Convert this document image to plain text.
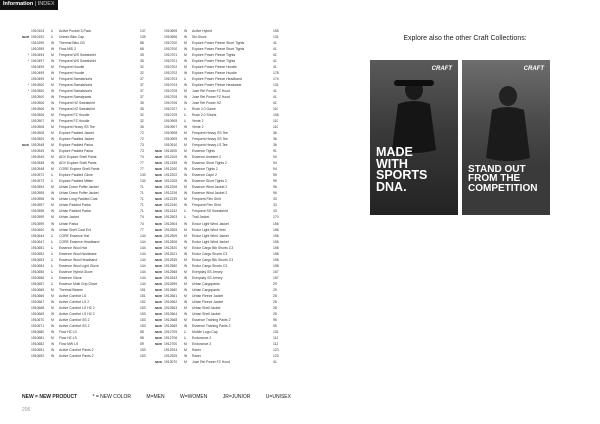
Information | INDEX
1910103 U Active Pocket 3-Pack	137
NEW * 1910192 U Unisex Bike Cap	139
1910299 W Thermal Bibs CB	88
1910395 W Flow MID 2	68
* 1910494 M Frequent WS Sweatshirt	35
* 1910497 W Frequent WS Sweatshirt	35
1910499 M Frequent Hoodie	32
1910499 W Frequent Hoodie	32
1910499 M Frequent Sweatshorts	37
* 1910500 M Frequent Sweatshorts	37
* 1910500 W Frequent Sweatshorts	37
1910500 W Frequent Sweatpants	37
1910506 W Frequent HZ Sweatshirt	35
1910506 W Frequent HZ Sweatshirt	35
1910506 M Frequent FZ Hoodie	32
1910507 W Frequent FZ Hoodie	32
1910508 M Frequent Heavy SS Tee	36
1910508 M Explore Padded Jacket	72
1910509 W Explore Padded Jacket	72
NEW 1910548 M Explore Padded Parka	73
1910549 W Explore Padded Parka	73
1910549 M ADV Explore Shell Pants	74
1910548 W ADV Explore Shell Pants	77
1910548 M CORE Explore Shell Pants	77
1910572 U Explore Padded Glove	130
1910573 U Explore Padded Mitten	130
1910594 M Urban Down Puffer Jacket	71
1910595 W Urban Down Puffer Jacket	71
1910596 W Urban Long Padded Coat	71
1910597 M Urban Padded Parka	71
1910598 W Urban Padded Parka	71
1910599 M Urban Jacket	74
1910599 W Urban Parka	74
1910600 W Urban Shell Coat Ext	77
1910644 U CORE Essence Hat	144
1910647 U CORE Essence Headband	144
1910651 U Essence Wool Hat	144
1910652 U Essence Wool Neckbase	144
1910653 U Essence Wool Headband	144
1910654 U Essence Wool Light Glove	144
1910655 U Essence Hybrid Glove	144
1910656 U Essence Glove	144
1910657 U Essence Multi Grip Glove	144
1910665 M Thermal Beanie	151
1910666 M Active Comfort LS	151
1910667 W Active Comfort LS 2	152
1910668 M Active Comfort LS HZ 2	153
1910669 W Active Comfort LS HZ 2	153
1910670 M Active Comfort SS 2	153
1910671 W Active Comfort SS 2	153
1910680 W Flow HZ LS	58
1910681 M Flow HZ LS	58
1910682 W Flow MW LS	59
1910691 W Active Comfort Pants 2	153
1910692 W Active Comfort Pants 2	153
1910695 W Active Hybrid	155
1910696 W Ski Glove	131
1910700 M Explore Power Fleece Short Tights	41
1910700 W Explore Power Fleece Short Tights	41
1910701 M Explore Power Fleece Tights	41
1910701 W Explore Power Fleece Tights	41
1910702 M Explore Power Fleece Hoodie	41
1910702 W Explore Power Fleece Hoodie	178
1910703 U Explore Power Fleece Headband	174
1910704 W Explore Power Fleece Headwear	131
1910705 M Jose Rel Power FZ Hood	41
1910705 W Jose Rel Power FZ Hood	41
1910706 W Jose Rel Power HZ	41
1910707 U Rush 2.0 Game	110
1910709 U Rush 2.0 Shorts	106
1910905 U Vente 2	110
1910907 W Vente 2	110
1910908 M Frequent Heavy SS Tee	36
1910909 W Frequent Heavy SS Tee	36
1910910 M Frequent Heavy LS Tee	36
NEW 1911505 M Essence Tights	91
NEW 1912109 W Essence Ambient 2	94
NEW 1912159 W Essence Short Tights 2	94
NEW 1912200 W Essence Tights 2	94
NEW 1912202 W Essence Capri 2	95
NEW 1912205 W Essence Short Tights 2	95
NEW 1912206 M Essence Wind Jacket 2	96
NEW 1912226 W Essence Wind Jacket 2	96
NEW 1912239 M Frequent Flex Shirt	33
NEW 1912240 W Frequent Flex Shirt	33
NEW 1912242 U Frequent SS Sweatshirt	33
NEW 1912503 U Trail Jacket	170
NEW 1912504 W Endur Light Wind Jacket	156
NEW 1912505 M Endur Light Wind Vest	156
NEW 1912506 M Endur Light Wind Jacket	156
NEW 1912506 W Endur Light Wind Jacket	156
NEW 1912520 M Endur Cargo Bib Shorts C3	158
NEW 1912521 W Endur Cargo Shorts C3	158
NEW 1912539 M Endur Cargo Bib Shorts C3	158
NEW 1912550 W Endur Cargo Shorts C3	158
NEW 1912568 M Everyday SS Jersey	157
NEW 1912643 W Everyday SS Jersey	157
NEW 1912659 M Urban Cargopants	29
NEW 1912660 W Urban Cargopants	29
NEW 1912661 M Urban Fleece Jacket	28
NEW 1912662 W Urban Fleece Jacket	28
NEW 1912663 M Urban Shell Jacket	28
NEW 1912664 W Urban Shell Jacket	28
NEW 1912668 M Essence Training Pants 2	95
NEW 1912669 W Essence Training Pants 2	95
NEW 1912705 U Mobile Logo Cap	131
NEW 1912706 U Endurance 2	112
NEW 1912700 M Endurance 2	112
1912924 M Racer	123
1912925 W Racer	123
NEW 1913070 M Jose Rel Power FZ Hood	41
Explore also the other Craft Collections:
CRAFT
MADE WITH SPORTS DNA.
CRAFT
STAND OUT FROM THE COMPETITION
NEW = NEW PRODUCT	* = NEW COLOR	M=MEN	W=WOMEN	JR=JUNIOR	U=UNISEX
206
